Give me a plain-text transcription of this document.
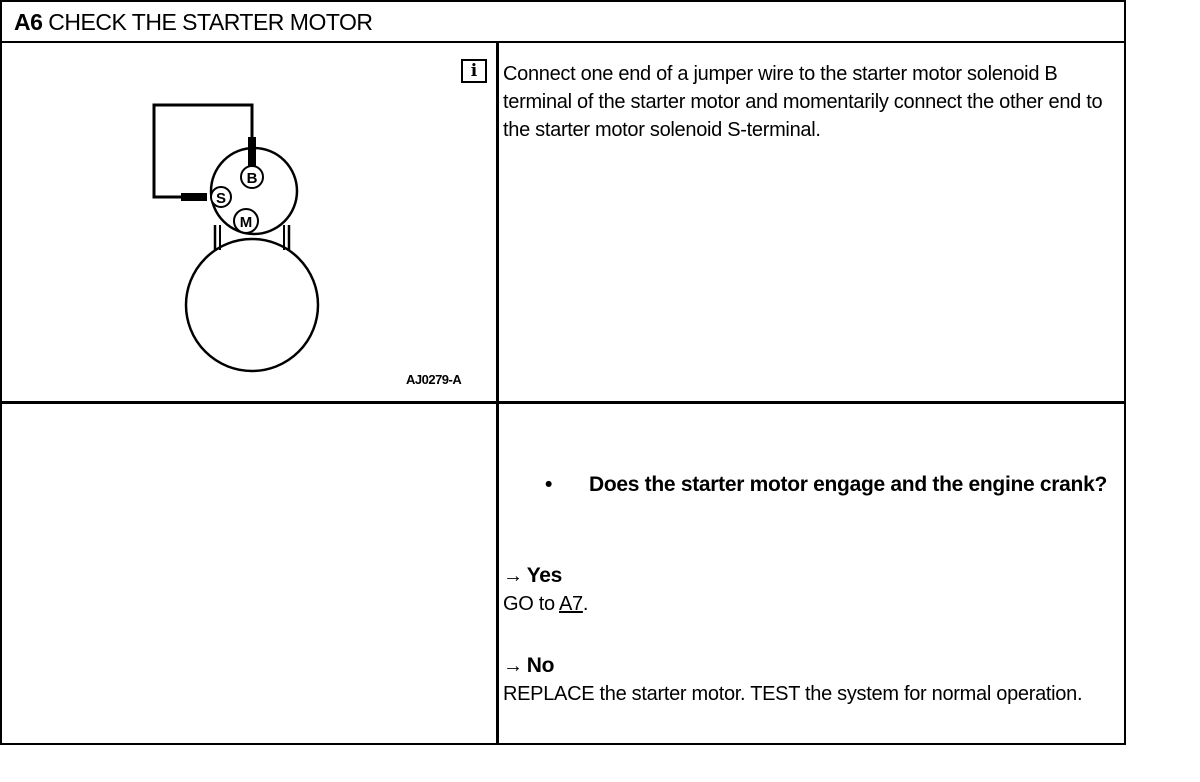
A6 CHECK THE STARTER MOTOR
i
B
S
M
AJ0279-A
Connect one end of a jumper wire to the starter motor solenoid B terminal of the starter motor and momentarily connect the other end to the starter motor solenoid S-terminal.
•	Does the starter motor engage and the engine crank?
→ Yes
GO to A7.
→ No
REPLACE the starter motor. TEST the system for normal operation.
